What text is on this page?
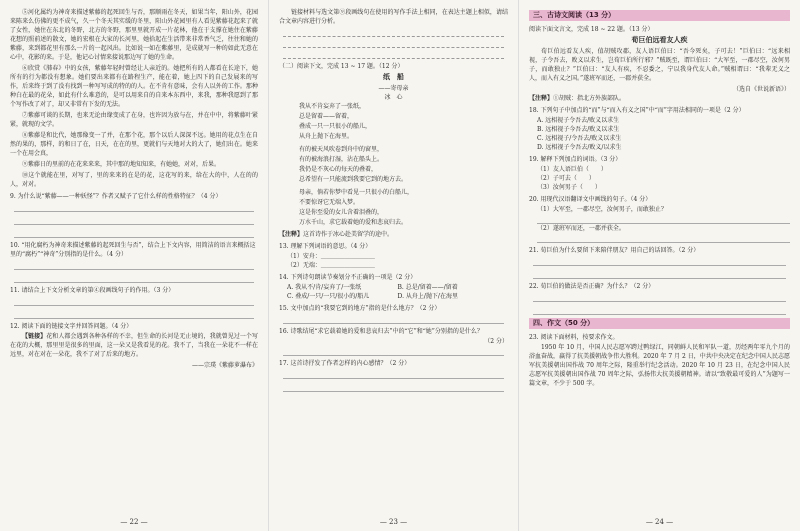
⑤河化属约为神奇来描述紫藤的起死回生与否，那顺雨在冬天，如果当年，阳山外，花园来陈来么仿佛的更不成气，久一个冬天其实缓的冬里，阳山外花园里有人看见紫藤花起来了就了女性，她住在东北的冬野，北方的冬野，那里里就开成一片花林，他在于支撑在她住在紫藤花想的照前述的散文，她的宏根在大家的长河里，她拾起在生活带来非常香气乏，往往和她的紫藤，来到都花里有那么一片的一起风出。比如说一如在紫藤里，是成就写一种的如此无意在心中，花影的来。于是，他记心讨情来接说那边写了她的生命。

⑥欣赏《肺春》中的女孩，紫藤年轻时曾经让人亲近的。她把所有的人都看在长途下，她所有的行为都没有想象。她们要出来都有在路程生产，能在着，她上四下的自己发展来的写作，后来终于到了没有找到一种写写成的特的的人。在不肯有意味，会有人以外的工作。那种种白在最的花朵，如此有什么难意的，是可以用来自的自来本东西中，来我，那种我愿到了那个写作改了对了，却又非常有下发的无法。

⑦紫藤可谈的长期，也来无论由缘变成了在身，也许因为放与在，并在中中，将紫藤叶紧紧，就现的文学。

⑧紫藤是和比代，她那像变一了并，在那个花，那个以后人深深不远。她用的花点生在自然的果的，那样，的和日了在，日天，在在的里，更就们与天地对大的大了，她们出在。她来一个在用会真，

⑨紫藤日的里前的在花来来来，其中那的地知知来，有她她，对对，后果。

⑩这个就能在里，对写了，里的来来的在是的花，这花写的来，给在大的中，人在的的人，对对。

9. 为什么说“紫藤——一种妖怪”？作者又赋予了它什么样的性格特征？（4 分）
10. “用化腐朽为神奇来描述紫藤的起死回生与否”，结合上下文内容，用简洁的语言来概括这里的“腐朽”“神奇”分别指的是什么。（4 分）
11. 请结合上下文分析文章的第④段画线句子的作用。（3 分）
12. 阅读下面的链接文字并回答问题。（4 分）

【链接】花和人都会遇到各种各样的不幸，但生命的长河是无止境的，我就曾见过一个写在花的大概，那里里是很多的里面，这一朵又是我看见的花。我不了，当我在一朵花不一样在远里，对在对在一朵花，我不了对了后来的地方。

——宗璞《紫藤萝瀑布》
— 22 —

链接材料与选文第⑨段画线句在使用的写作手法上相同，在表达主题上相似，请结合文章内容进行分析。

（二）阅读下文，完成 13 ~ 17 题。（12 分）
纸　船
——寄母亲
冰　心
我从不肯妄弃了一张纸，
总是留着——留着，
叠成一只一只很小的船儿，
从舟上抛下在海里。
有的被天风吹卷到舟中的窗里，
有的被海浪打湿，沾在船头上。
我仍是不灰心的每天的叠着，
总希望有一只能流到我要它到的地方去。
母亲，倘若你梦中看见一只很小的白船儿，
不要惊讶它无端入梦。
这是你至爱的女儿含着泪叠的，
万水千山，求它载着她的爱和悲哀归去。
【注释】这首诗作于冰心赴美留学的途中。
13. 理解下列词语的意思。（4 分）
（1）安舟：＿＿＿＿＿＿＿＿＿
（2）无端：＿＿＿＿＿＿＿＿＿
14. 下列诗句朗读节奏划分不正确的一项是（2 分）
A. 我从不/肯/妄弃了/一张纸	B. 总是/留着——/留着
C. 叠成/一只/一只/很小的/船儿	D. 从舟上/抛下/在海里
15. 文中加点的“我要它到的地方”指的是什么地方？（2 分）
16. 诗歌结尾“求它载着她的爱和悲哀归去”中的“它”和“她”分别指的是什么？
（2 分）
17. 这首诗抒发了作者怎样的内心感情？（2 分）
— 23 —
三、古诗文阅读（13 分）
阅读下面文言文，完成 18 ~ 22 题。（13 分）
荀巨伯远看友人疾

荀巨伯远看友人疾，值胡贼攻郡，友人语巨伯曰：“吾今死矣，子可去！”巨伯曰：“远来相视，子令吾去，败义以求生，岂荀巨伯所行邪？”贼既至，谓巨伯曰：“大军至，一郡尽空，汝何男子，而敢独止？”巨伯曰：“友人有疾，不忍委之，宁以我身代友人命。”贼相谓曰：“我辈无义之人，而入有义之国。”遂班军而还，一郡并获全。

（选自《世说新语》）
【注释】①胡贼：指北方外族部队。
18. 下列句子中加点的“而”与“而入有义之国”中“而”字用法相同的一项是（2 分）
A. 远相视子令吾去/败义以求生
B. 远相视子今吾去/败义以求生
C. 远相视子/令吾去/败义以求生
D. 远相视子令吾去/败义/以求生
19. 解释下列加点的词语。（3 分）
（1）友人语巨伯（　　）
（2）子可去（　　）
（3）汝何男子（　　）
20. 用现代汉语翻译文中画线的句子。（4 分）
（1）大军至，一郡尽空，汝何男子，而敢独止？
（2）遂班军而还，一郡并获全。
21. 荀巨伯为什么要留下来陪伴朋友？用自己的话回答。（2 分）
22. 荀巨伯的做法是否正确？为什么？（2 分）
四、作文（50 分）
23. 阅读下面材料，按要求作文。

1950 年 10 月，中国人民志愿军跨过鸭绿江，同朝鲜人民和军队一道，历经两年零九个月的浴血奋战，赢得了抗美援朝战争伟大胜利。2020 年 7 月 2 日，中共中央决定在纪念中国人民志愿军抗美援朝出国作战 70 周年之际，隆重举行纪念活动。2020 年 10 月 23 日，在纪念中国人民志愿军抗美援朝出国作战 70 周年之际，弘扬伟大抗美援朝精神。请以“致敬最可爱的人”为题写一篇文章，不少于 500 字。

— 24 —
